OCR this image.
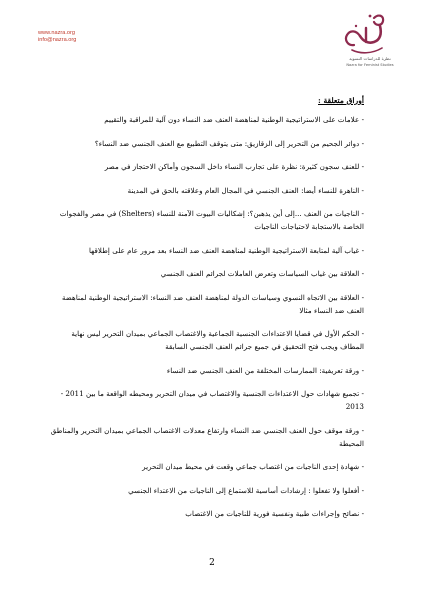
www.nazra.org
info@nazra.org
نظرة للدراسات النسوية
Nazra for Feminist Studies
أوراق متعلقة :
- علامات على الاستراتيجية الوطنية لمناهضة العنف ضد النساء دون آلية للمراقبة والتقييم
- دوائر الجحيم من التحرير إلى الزقازيق: متى يتوقف التطبيع مع العنف الجنسي ضد النساء؟
- للعنف سجون كثيرة: نظرة على تجارب النساء داخل السجون وأماكن الاحتجاز في مصر
- الناهرة للنساء أيضا: العنف الجنسي في المجال العام وعلاقته بالحق في المدينة
- الناجيات من العنف ...إلى أين يذهبن؟: إشكاليات البيوت الآمنة للنساء (Shelters) في مصر والفجوات الخاصة بالاستجابة لاحتياجات الناجيات
- غياب آلية لمتابعة الاستراتيجية الوطنية لمناهضة العنف ضد النساء بعد مرور عام على إطلاقها
- العلاقة بين غياب السياسات وتعرض العاملات لجرائم العنف الجنسي
- العلاقة بين الاتجاه النسوي وسياسات الدولة لمناهضة العنف ضد النساء: الاستراتيجية الوطنية لمناهضة العنف ضد النساء مثالا
- الحكم الأول في قضايا الاعتداءات الجنسية الجماعية والاغتصاب الجماعي بميدان التحرير ليس نهاية المطاف ويجب فتح التحقيق في جميع جرائم العنف الجنسي السابقة
- ورقة تعريفية: الممارسات المختلفة من العنف الجنسي ضد النساء
- تجميع شهادات حول الاعتداءات الجنسية والاغتصاب في ميدان التحرير ومحيطه الواقعة ما بين 2011 - 2013
- ورقة موقف حول العنف الجنسي ضد النساء وارتفاع معدلات الاغتصاب الجماعي بميدان التحرير والمناطق المحيطة
- شهادة إحدى الناجيات من اغتصاب جماعي وقعت في محيط ميدان التحرير
- أفعلوا ولا تفعلوا : إرشادات أساسية للاستماع إلى الناجيات من الاعتداء الجنسي
- نصائح وإجراءات طبية ونفسية فورية للناجيات من الاغتصاب
2
